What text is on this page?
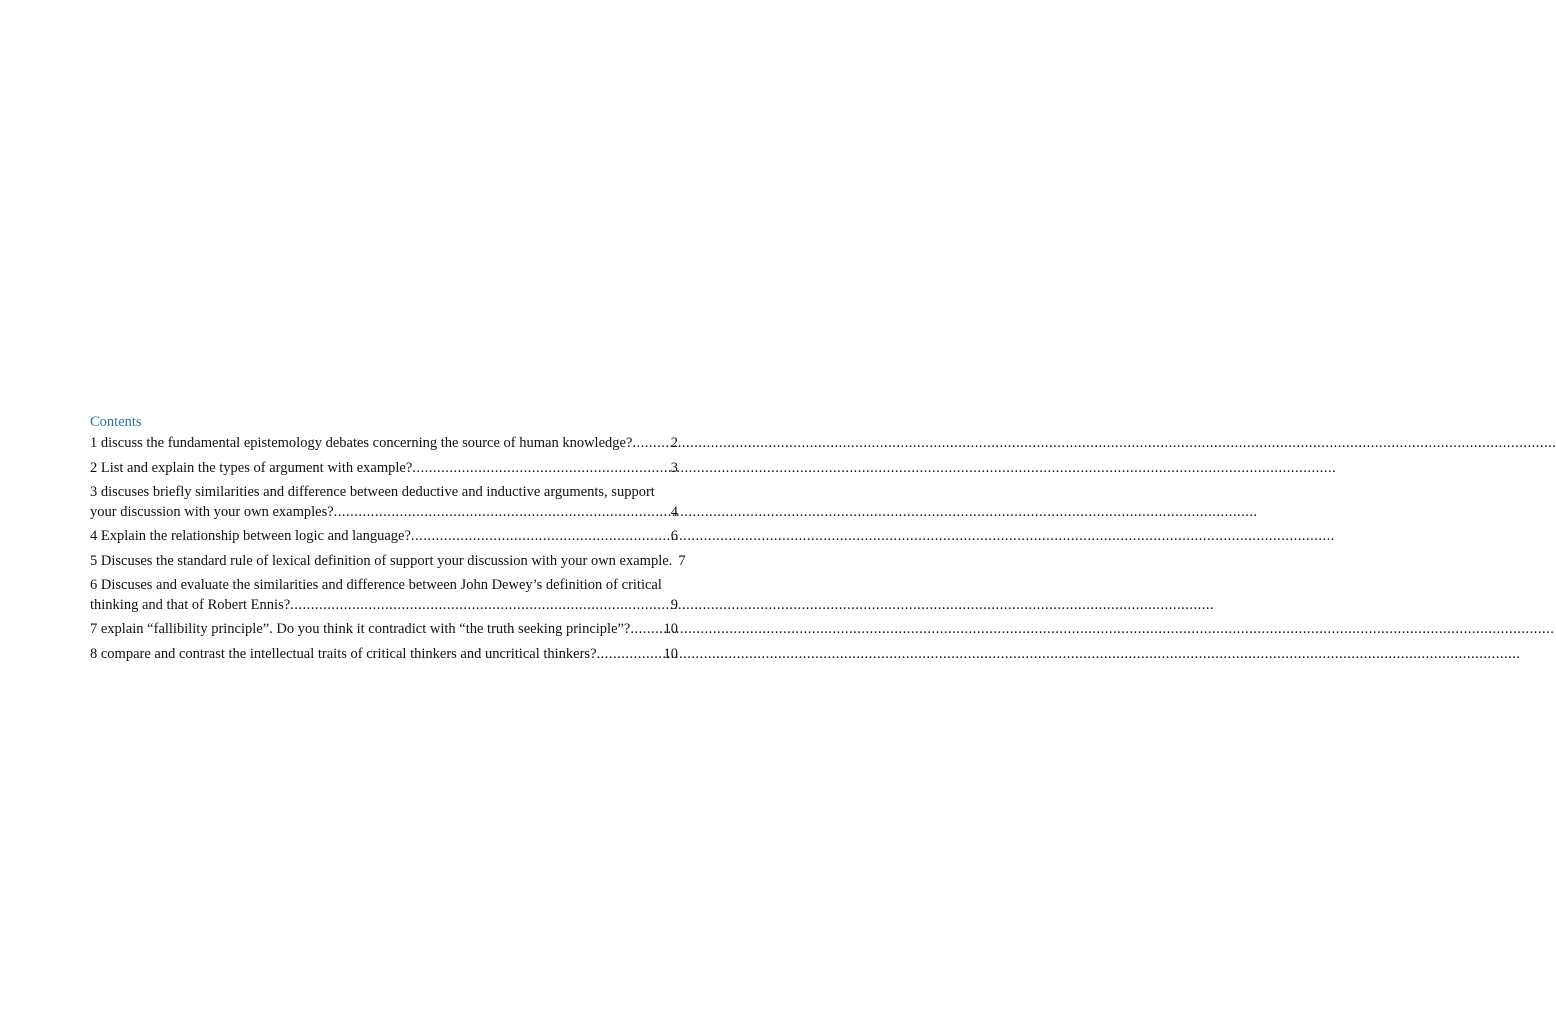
Contents
1 discuss the fundamental epistemology debates concerning the source of human knowledge? .....	2
2 List and explain the types of argument with example? .....	3
3 discuses briefly similarities and difference between deductive and inductive arguments, support
your discussion with your own examples? .....	4
4 Explain the relationship between logic and language? .....	6
5 Discuses the standard rule of lexical definition of support your discussion with your own example. 7
6 Discuses and evaluate the similarities and difference between John Dewey’s definition of critical
thinking and that of Robert Ennis? .....	9
7 explain “fallibility principle”. Do you think it contradict with “the truth seeking principle”? ..... 10
8 compare and contrast the intellectual traits of critical thinkers and uncritical thinkers? .....	10
